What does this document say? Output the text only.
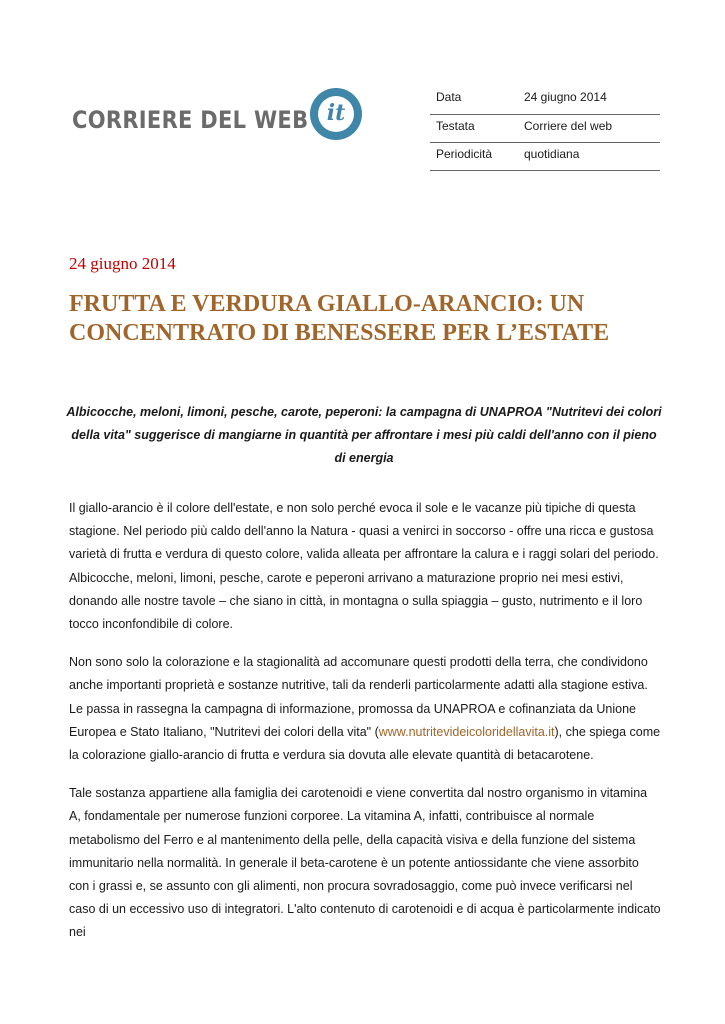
CORRIERE DEL WEB it
Data	24 giugno 2014
Testata	Corriere del web
Periodicità	quotidiana
24 giugno 2014
FRUTTA E VERDURA GIALLO-ARANCIO: UN CONCENTRATO DI BENESSERE PER L’ESTATE

Albicocche, meloni, limoni, pesche, carote, peperoni: la campagna di UNAPROA "Nutritevi dei colori della vita" suggerisce di mangiarne in quantità per affrontare i mesi più caldi dell'anno con il pieno di energia

Il giallo-arancio è il colore dell'estate, e non solo perché evoca il sole e le vacanze più tipiche di questa stagione. Nel periodo più caldo dell'anno la Natura - quasi a venirci in soccorso - offre una ricca e gustosa varietà di frutta e verdura di questo colore, valida alleata per affrontare la calura e i raggi solari del periodo. Albicocche, meloni, limoni, pesche, carote e peperoni arrivano a maturazione proprio nei mesi estivi, donando alle nostre tavole – che siano in città, in montagna o sulla spiaggia – gusto, nutrimento e il loro tocco inconfondibile di colore.

Non sono solo la colorazione e la stagionalità ad accomunare questi prodotti della terra, che condividono anche importanti proprietà e sostanze nutritive, tali da renderli particolarmente adatti alla stagione estiva. Le passa in rassegna la campagna di informazione, promossa da UNAPROA e cofinanziata da Unione Europea e Stato Italiano, "Nutritevi dei colori della vita" (www.nutritevideicoloridellavita.it), che spiega come la colorazione giallo-arancio di frutta e verdura sia dovuta alle elevate quantità di betacarotene.

Tale sostanza appartiene alla famiglia dei carotenoidi e viene convertita dal nostro organismo in vitamina A, fondamentale per numerose funzioni corporee. La vitamina A, infatti, contribuisce al normale metabolismo del Ferro e al mantenimento della pelle, della capacità visiva e della funzione del sistema immunitario nella normalità. In generale il beta-carotene è un potente antiossidante che viene assorbito con i grassi e, se assunto con gli alimenti, non procura sovradosaggio, come può invece verificarsi nel caso di un eccessivo uso di integratori. L'alto contenuto di carotenoidi e di acqua è particolarmente indicato nei
